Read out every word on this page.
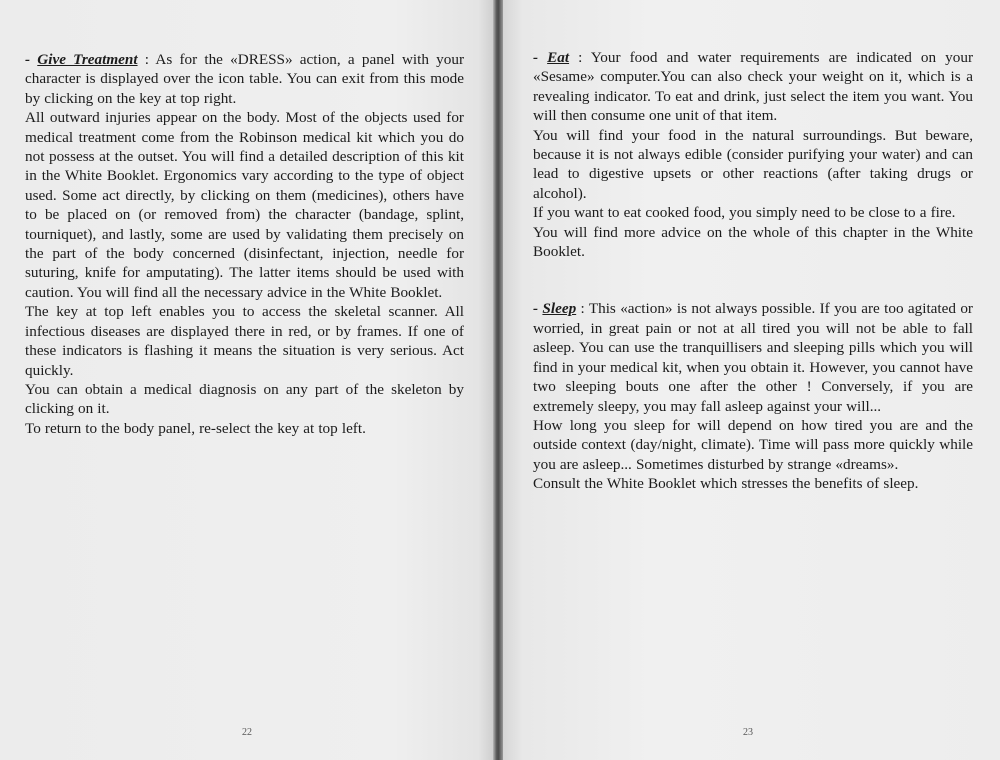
- Give Treatment : As for the «DRESS» action, a panel with your character is displayed over the icon table. You can exit from this mode by clicking on the key at top right.

All outward injuries appear on the body. Most of the objects used for medical treatment come from the Robinson medical kit which you do not possess at the outset. You will find a detailed description of this kit in the White Booklet. Ergonomics vary according to the type of object used. Some act directly, by clicking on them (medicines), others have to be placed on (or removed from) the character (bandage, splint, tourniquet), and lastly, some are used by validating them precisely on the part of the body concerned (disinfectant, injection, needle for suturing, knife for amputating). The latter items should be used with caution. You will find all the necessary advice in the White Booklet.

The key at top left enables you to access the skeletal scanner. All infectious diseases are displayed there in red, or by frames. If one of these indicators is flashing it means the situation is very serious. Act quickly.

You can obtain a medical diagnosis on any part of the skeleton by clicking on it.

To return to the body panel, re-select the key at top left.

22

- Eat : Your food and water requirements are indicated on your «Sesame» computer.You can also check your weight on it, which is a revealing indicator. To eat and drink, just select the item you want. You will then consume one unit of that item.

You will find your food in the natural surroundings. But beware, because it is not always edible (consider purifying your water) and can lead to digestive upsets or other reactions (after taking drugs or alcohol).

If you want to eat cooked food, you simply need to be close to a fire.

You will find more advice on the whole of this chapter in the White Booklet.

- Sleep : This «action» is not always possible. If you are too agitated or worried, in great pain or not at all tired you will not be able to fall asleep. You can use the tranquillisers and sleeping pills which you will find in your medical kit, when you obtain it. However, you cannot have two sleeping bouts one after the other ! Conversely, if you are extremely sleepy, you may fall asleep against your will...

How long you sleep for will depend on how tired you are and the outside context (day/night, climate). Time will pass more quickly while you are asleep... Sometimes disturbed by strange «dreams».

Consult the White Booklet which stresses the benefits of sleep.

23
